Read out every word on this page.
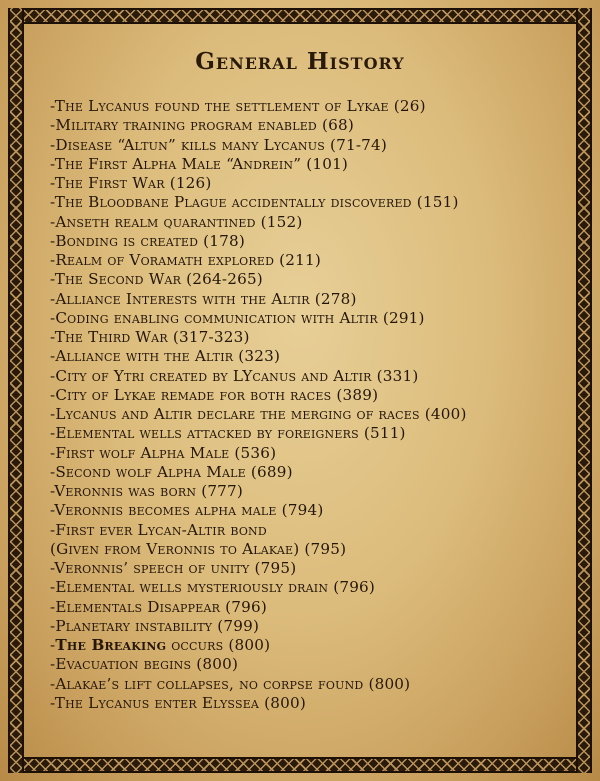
General History
-The Lycanus found the settlement of Lykae (26)
-Military training program enabled (68)
-Disease “Altun” kills many Lycanus (71-74)
-The First Alpha Male “Andrein” (101)
-The First War (126)
-The Bloodbane Plague accidentally discovered (151)
-Anseth realm quarantined (152)
-Bonding is created (178)
-Realm of Voramath explored (211)
-The Second War (264-265)
-Alliance Interests with the Altir (278)
-Coding enabling communication with Altir (291)
-The Third War (317-323)
-Alliance with the Altir (323)
-City of Ytri created by LYcanus and Altir (331)
-City of Lykae remade for both races (389)
-Lycanus and Altir declare the merging of races (400)
-Elemental wells attacked by foreigners (511)
-First wolf Alpha Male (536)
-Second wolf Alpha Male (689)
-Veronnis was born (777)
-Veronnis becomes alpha male (794)
-First ever Lycan-Altir bond
(Given from Veronnis to Alakae) (795)
-Veronnis’ speech of unity (795)
-Elemental wells mysteriously drain (796)
-Elementals Disappear (796)
-Planetary instability (799)
-The Breaking occurs (800)
-Evacuation begins (800)
-Alakae’s lift collapses, no corpse found (800)
-The Lycanus enter Elyssea (800)
